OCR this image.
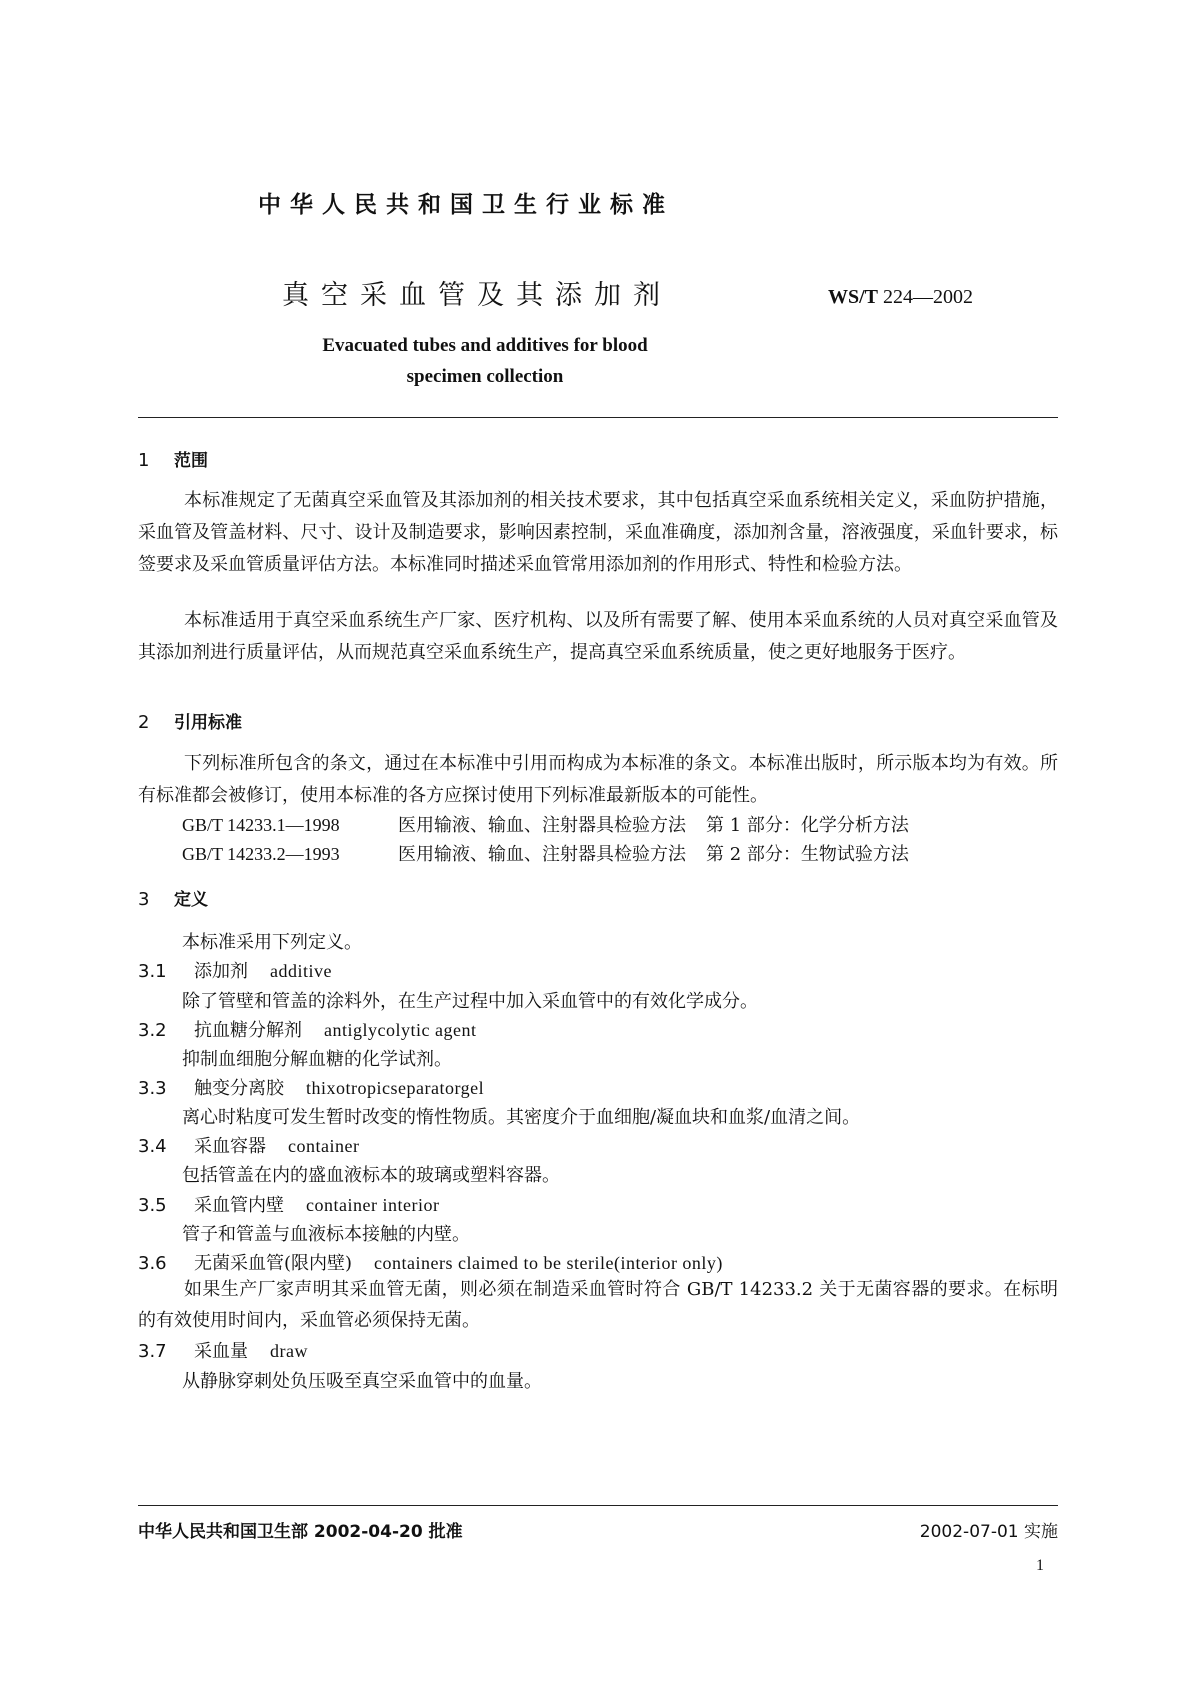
中华人民共和国卫生行业标准
真空采血管及其添加剂	WS/T 224—2002
Evacuated tubes and additives for blood specimen collection
1 范围
本标准规定了无菌真空采血管及其添加剂的相关技术要求，其中包括真空采血系统相关定义，采血防护措施，采血管及管盖材料、尺寸、设计及制造要求，影响因素控制，采血准确度，添加剂含量，溶液强度，采血针要求，标签要求及采血管质量评估方法。本标准同时描述采血管常用添加剂的作用形式、特性和检验方法。
本标准适用于真空采血系统生产厂家、医疗机构、以及所有需要了解、使用本采血系统的人员对真空采血管及其添加剂进行质量评估，从而规范真空采血系统生产，提高真空采血系统质量，使之更好地服务于医疗。
2 引用标准
下列标准所包含的条文，通过在本标准中引用而构成为本标准的条文。本标准出版时，所示版本均为有效。所有标准都会被修订，使用本标准的各方应探讨使用下列标准最新版本的可能性。
GB/T 14233.1—1998	医用输液、输血、注射器具检验方法 第 1 部分：化学分析方法
GB/T 14233.2—1993	医用输液、输血、注射器具检验方法 第 2 部分：生物试验方法
3 定义
本标准采用下列定义。
3.1 添加剂 additive
除了管壁和管盖的涂料外，在生产过程中加入采血管中的有效化学成分。
3.2 抗血糖分解剂 antiglycolytic agent
抑制血细胞分解血糖的化学试剂。
3.3 触变分离胶 thixotropicseparatorgel
离心时粘度可发生暂时改变的惰性物质。其密度介于血细胞/凝血块和血浆/血清之间。
3.4 采血容器 container
包括管盖在内的盛血液标本的玻璃或塑料容器。
3.5 采血管内壁 container interior
管子和管盖与血液标本接触的内壁。
3.6 无菌采血管(限内壁) containers claimed to be sterile(interior only)
如果生产厂家声明其采血管无菌，则必须在制造采血管时符合 GB/T 14233.2 关于无菌容器的要求。在标明的有效使用时间内，采血管必须保持无菌。
3.7 采血量 draw
从静脉穿刺处负压吸至真空采血管中的血量。
中华人民共和国卫生部 2002-04-20 批准	2002-07-01 实施
1
